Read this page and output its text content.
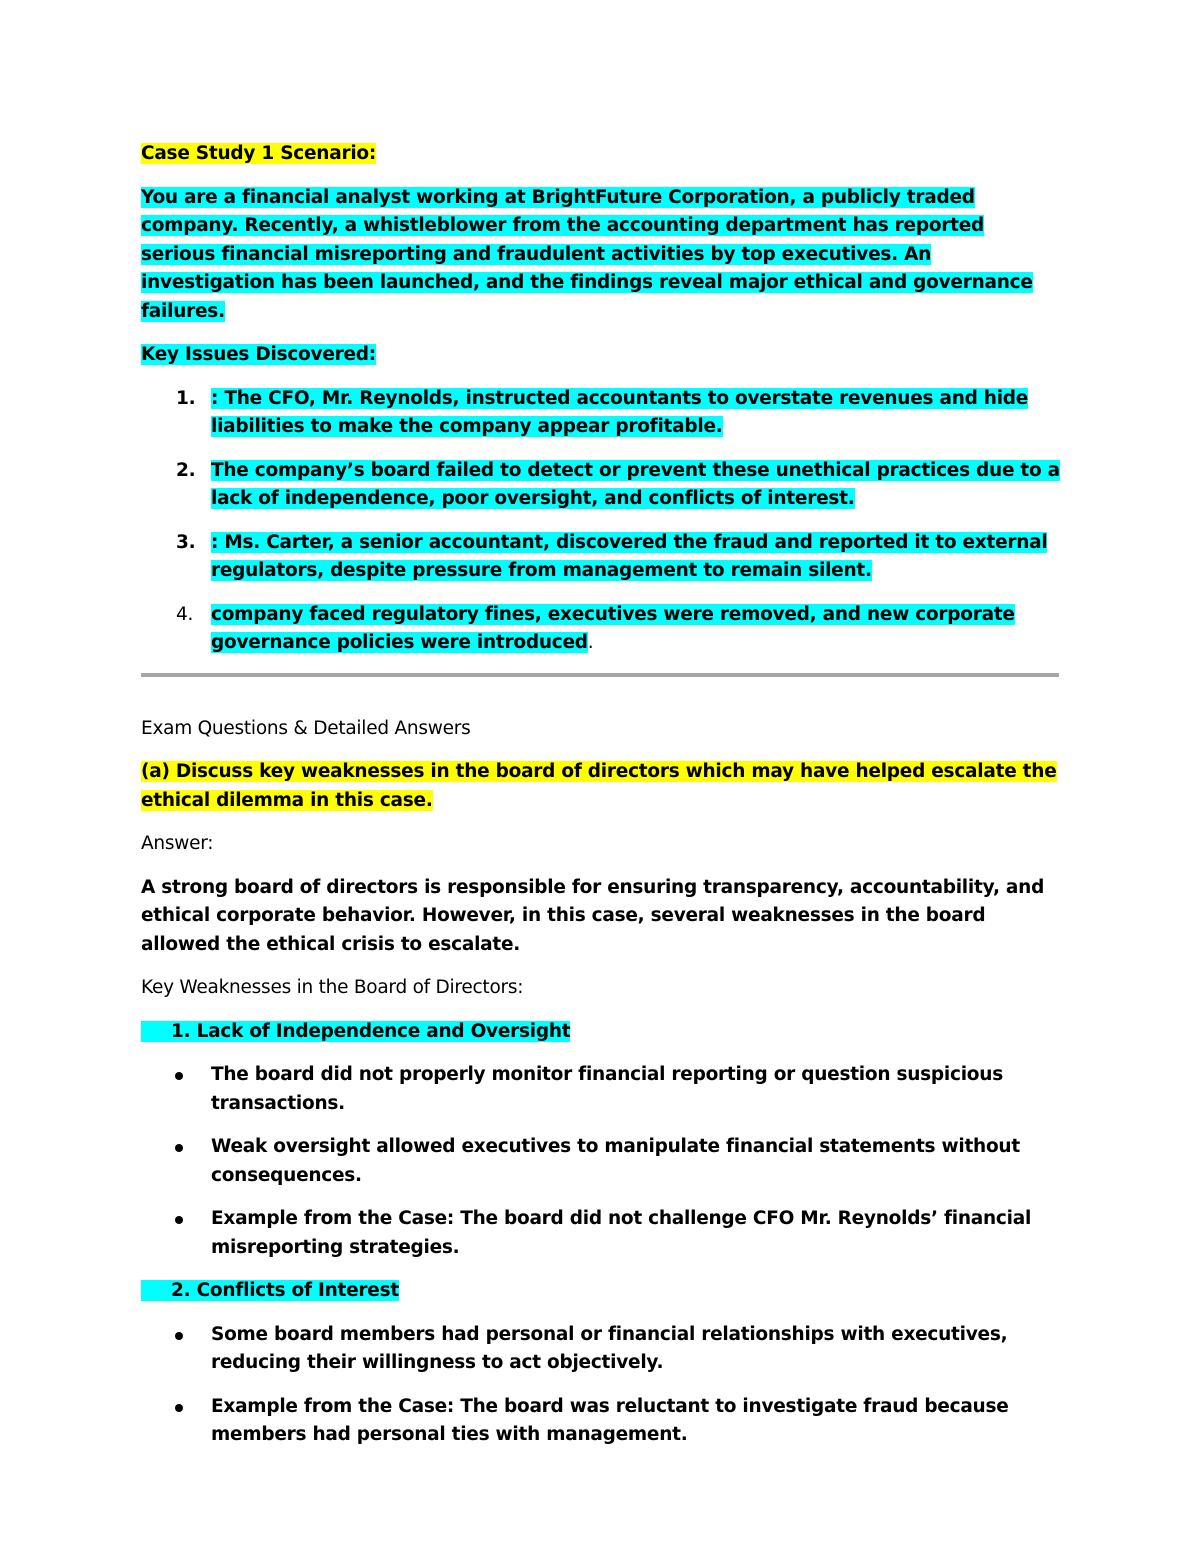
Case Study 1 Scenario:

You are a financial analyst working at BrightFuture Corporation, a publicly traded company. Recently, a whistleblower from the accounting department has reported serious financial misreporting and fraudulent activities by top executives. An investigation has been launched, and the findings reveal major ethical and governance failures.

Key Issues Discovered:

1. : The CFO, Mr. Reynolds, instructed accountants to overstate revenues and hide liabilities to make the company appear profitable.
2. The company’s board failed to detect or prevent these unethical practices due to a lack of independence, poor oversight, and conflicts of interest.
3. : Ms. Carter, a senior accountant, discovered the fraud and reported it to external regulators, despite pressure from management to remain silent.
4. company faced regulatory fines, executives were removed, and new corporate governance policies were introduced.

Exam Questions & Detailed Answers

(a) Discuss key weaknesses in the board of directors which may have helped escalate the ethical dilemma in this case.

Answer:

A strong board of directors is responsible for ensuring transparency, accountability, and ethical corporate behavior. However, in this case, several weaknesses in the board allowed the ethical crisis to escalate.

Key Weaknesses in the Board of Directors:

1. Lack of Independence and Oversight

The board did not properly monitor financial reporting or question suspicious transactions.
Weak oversight allowed executives to manipulate financial statements without consequences.
Example from the Case: The board did not challenge CFO Mr. Reynolds’ financial misreporting strategies.

2. Conflicts of Interest

Some board members had personal or financial relationships with executives, reducing their willingness to act objectively.
Example from the Case: The board was reluctant to investigate fraud because members had personal ties with management.
